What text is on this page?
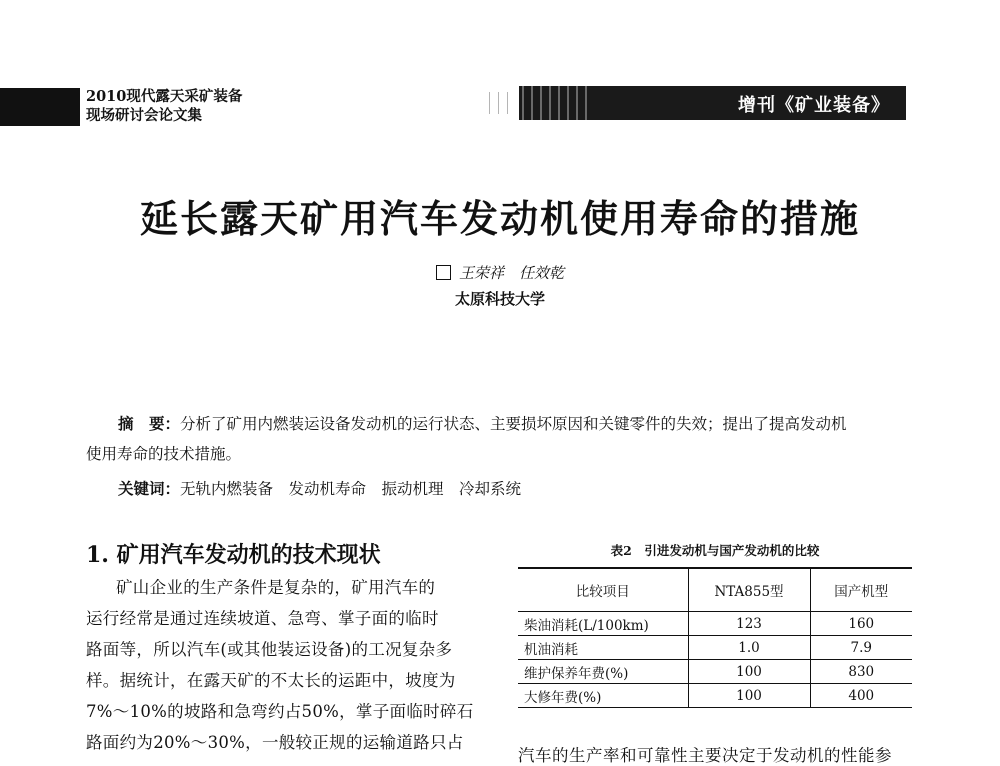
2010现代露天采矿装备
现场研讨会论文集	增刊《矿业装备》
延长露天矿用汽车发动机使用寿命的措施
王荣祥　任效乾
太原科技大学
摘　要：分析了矿用内燃装运设备发动机的运行状态、主要损坏原因和关键零件的失效；提出了提高发动机
使用寿命的技术措施。
关键词：无轨内燃装备　发动机寿命　振动机理　冷却系统
1. 矿用汽车发动机的技术现状
矿山企业的生产条件是复杂的，矿用汽车的
运行经常是通过连续坡道、急弯、掌子面的临时
路面等，所以汽车(或其他装运设备)的工况复杂多
样。据统计，在露天矿的不太长的运距中，坡度为
7%～10%的坡路和急弯约占50%，掌子面临时碎石
路面约为20%～30%，一般较正规的运输道路只占
表2　引进发动机与国产发动机的比较
比较项目	NTA855型	国产机型
柴油消耗(L/100km)	123	160
机油消耗	1.0	7.9
维护保养年费(%)	100	830
大修年费(%)	100	400
汽车的生产率和可靠性主要决定于发动机的性能参
